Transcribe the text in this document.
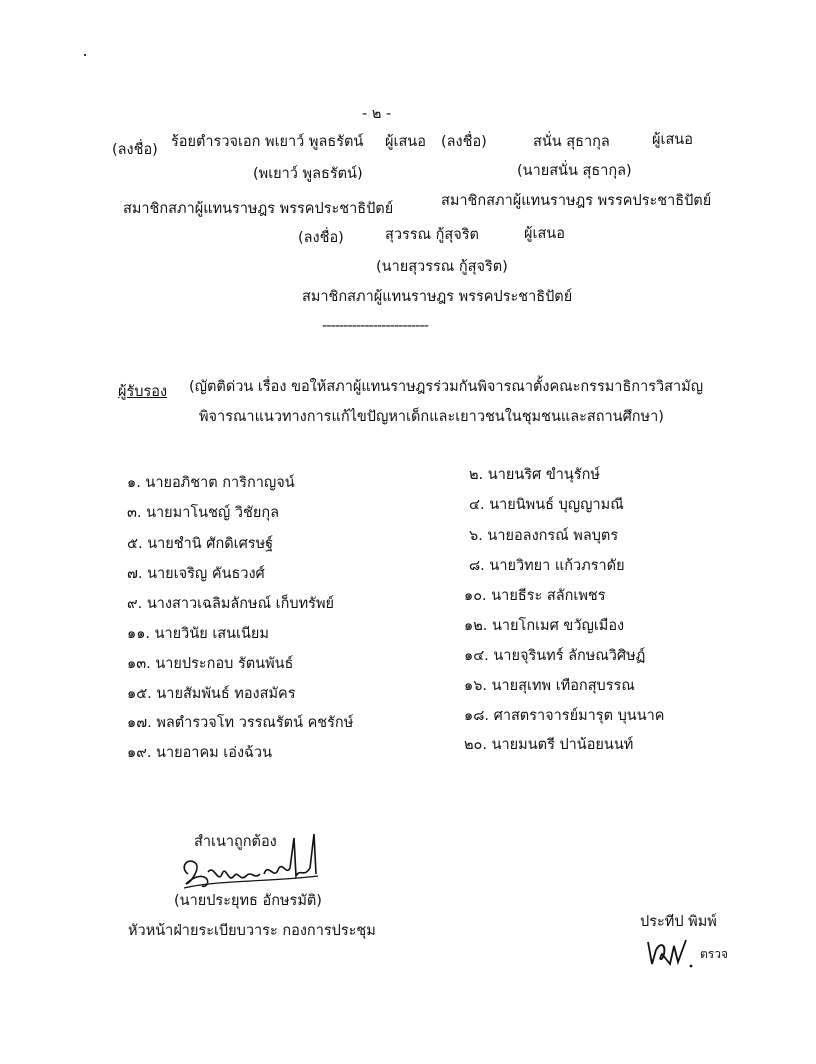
- ๒ -
(ลงชื่อ) ร้อยตำรวจเอก พเยาว์ พูลธรัตน์ ผู้เสนอ (ลงชื่อ)	สนั่น สุธากุล	ผู้เสนอ
(พเยาว์ พูลธรัตน์)	(นายสนั่น สุธากุล)
สมาชิกสภาผู้แทนราษฎร พรรคประชาธิปัตย์	สมาชิกสภาผู้แทนราษฎร พรรคประชาธิปัตย์
(ลงชื่อ)	สุวรรณ กู้สุจริต	ผู้เสนอ
(นายสุวรรณ กู้สุจริต)
สมาชิกสภาผู้แทนราษฎร พรรคประชาธิปัตย์
-------------------------
ผู้รับรอง (ญัตติด่วน เรื่อง ขอให้สภาผู้แทนราษฎรร่วมกันพิจารณาตั้งคณะกรรมาธิการวิสามัญ
พิจารณาแนวทางการแก้ไขปัญหาเด็กและเยาวชนในชุมชนและสถานศึกษา)
๑. นายอภิชาต การิกาญจน์
๓. นายมาโนชญ์ วิชัยกุล
๕. นายชำนิ ศักดิเศรษฐ์
๗. นายเจริญ คันธวงศ์
๙. นางสาวเฉลิมลักษณ์ เก็บทรัพย์
๑๑. นายวินัย เสนเนียม
๑๓. นายประกอบ รัตนพันธ์
๑๕. นายสัมพันธ์ ทองสมัคร
๑๗. พลตำรวจโท วรรณรัตน์ คชรักษ์
๑๙. นายอาคม เอ่งฉ้วน
๒. นายนริศ ขำนุรักษ์
๔. นายนิพนธ์ บุญญามณี
๖. นายอลงกรณ์ พลบุตร
๘. นายวิทยา แก้วภราดัย
๑๐. นายธีระ สลักเพชร
๑๒. นายโกเมศ ขวัญเมือง
๑๔. นายจุรินทร์ ลักษณวิศิษฏ์
๑๖. นายสุเทพ เทือกสุบรรณ
๑๘. ศาสตราจารย์มารุต บุนนาค
๒๐. นายมนตรี ปาน้อยนนท์
สำเนาถูกต้อง
(นายประยุทธ อักษรมัติ)
หัวหน้าฝ่ายระเบียบวาระ กองการประชุม
ประทีป พิมพ์
ตรวจ
